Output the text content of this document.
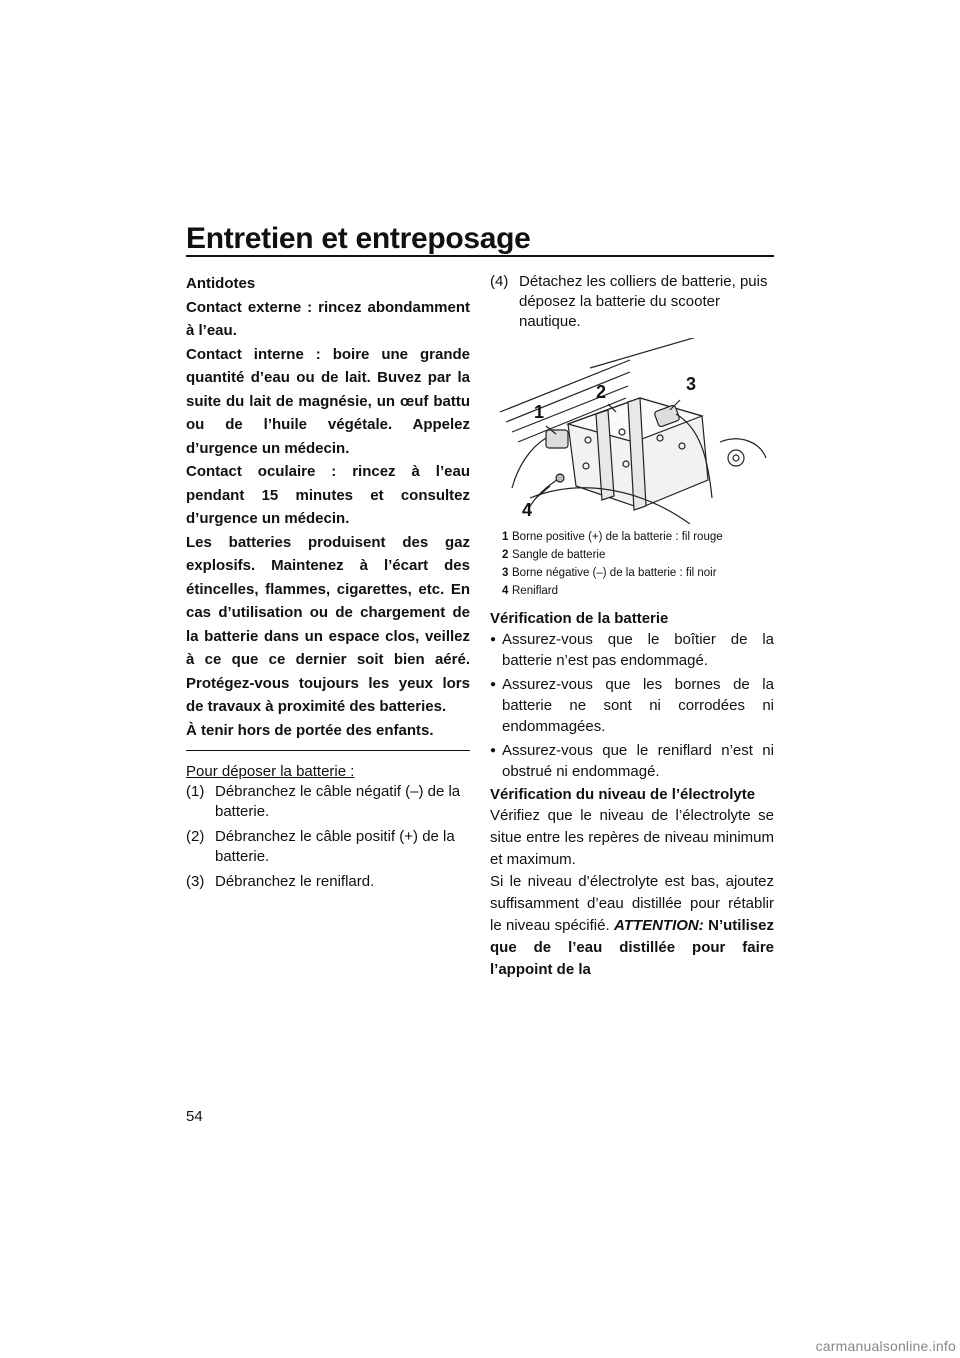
Entretien et entreposage

Antidotes

Contact externe : rincez abondamment à l’eau.

Contact interne : boire une grande quantité d’eau ou de lait. Buvez par la suite du lait de magnésie, un œuf battu ou de l’huile végétale. Appelez d’urgence un médecin.

Contact oculaire : rincez à l’eau pendant 15 minutes et consultez d’urgence un médecin.

Les batteries produisent des gaz explosifs. Maintenez à l’écart des étincelles, flammes, cigarettes, etc. En cas d’utilisation ou de chargement de la batterie dans un espace clos, veillez à ce que ce dernier soit bien aéré. Protégez-vous toujours les yeux lors de travaux à proximité des batteries.

À tenir hors de portée des enfants.

Pour déposer la batterie :
(1) Débranchez le câble négatif (–) de la batterie.
(2) Débranchez le câble positif (+) de la batterie.
(3) Débranchez le reniflard.
(4) Détachez les colliers de batterie, puis déposez la batterie du scooter nautique.
1
2	3
4
1 Borne positive (+) de la batterie : fil rouge
2 Sangle de batterie
3 Borne négative (–) de la batterie : fil noir
4 Reniflard
Vérification de la batterie
● Assurez-vous que le boîtier de la batterie n’est pas endommagé.
● Assurez-vous que les bornes de la batterie ne sont ni corrodées ni endommagées.
● Assurez-vous que le reniflard n’est ni obstrué ni endommagé.
Vérification du niveau de l’électrolyte

Vérifiez que le niveau de l’électrolyte se situe entre les repères de niveau minimum et maximum.

Si le niveau d’électrolyte est bas, ajoutez suffisamment d’eau distillée pour rétablir le niveau spécifié. ATTENTION: N’utilisez que de l’eau distillée pour faire l’appoint de la

54
carmanualsonline.info
